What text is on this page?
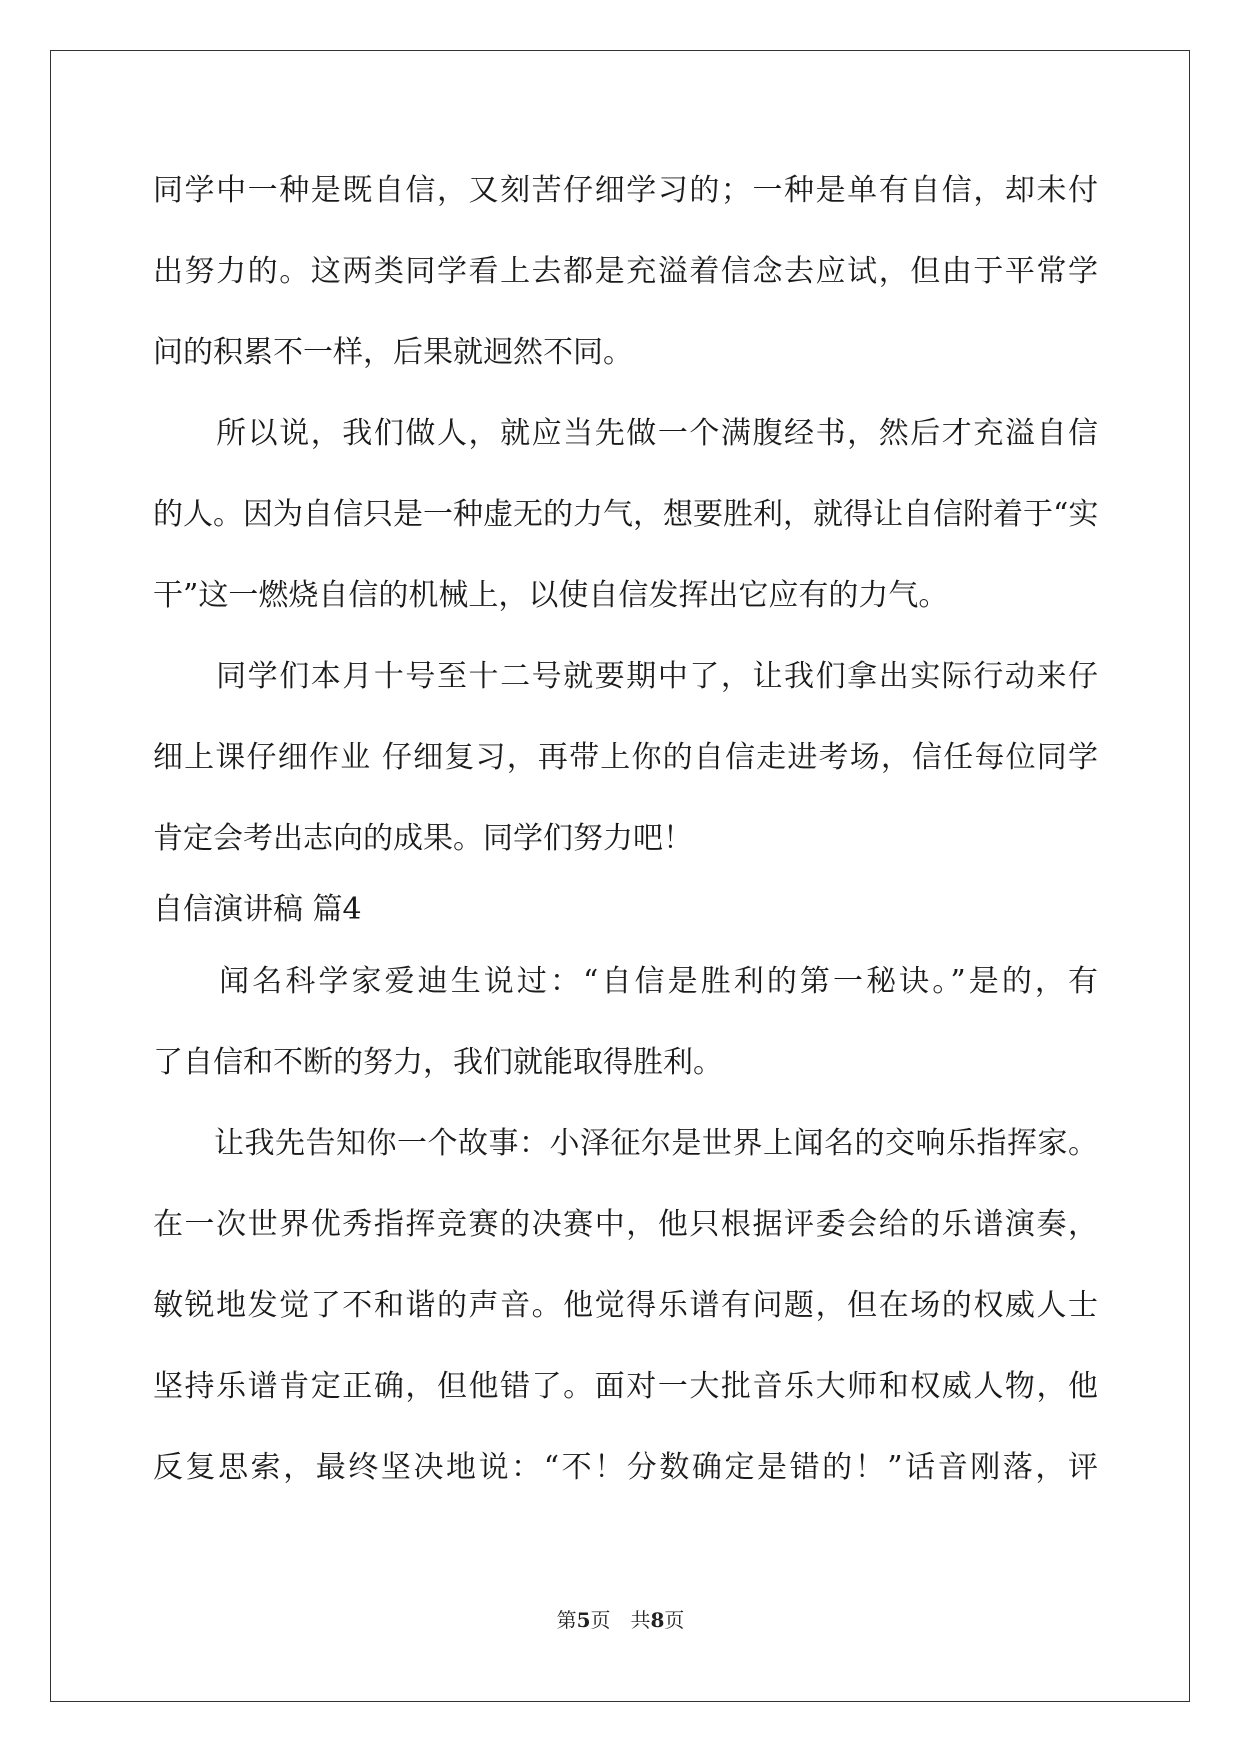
同学中一种是既自信，又刻苦仔细学习的；一种是单有自信，却未付
出努力的。这两类同学看上去都是充溢着信念去应试，但由于平常学
问的积累不一样，后果就迥然不同。
　　所以说，我们做人，就应当先做一个满腹经书，然后才充溢自信
的人。因为自信只是一种虚无的力气，想要胜利，就得让自信附着于“实
干”这一燃烧自信的机械上，以使自信发挥出它应有的力气。
　　同学们本月十号至十二号就要期中了，让我们拿出实际行动来仔
细上课仔细作业 仔细复习，再带上你的自信走进考场，信任每位同学
肯定会考出志向的成果。同学们努力吧！
自信演讲稿 篇4
　　闻名科学家爱迪生说过：“自信是胜利的第一秘诀。”是的，有
了自信和不断的努力，我们就能取得胜利。
　　让我先告知你一个故事：小泽征尔是世界上闻名的交响乐指挥家。
在一次世界优秀指挥竞赛的决赛中，他只根据评委会给的乐谱演奏，
敏锐地发觉了不和谐的声音。他觉得乐谱有问题，但在场的权威人士
坚持乐谱肯定正确，但他错了。面对一大批音乐大师和权威人物，他
反复思索，最终坚决地说：“不！分数确定是错的！”话音刚落，评
第5页 共8页
